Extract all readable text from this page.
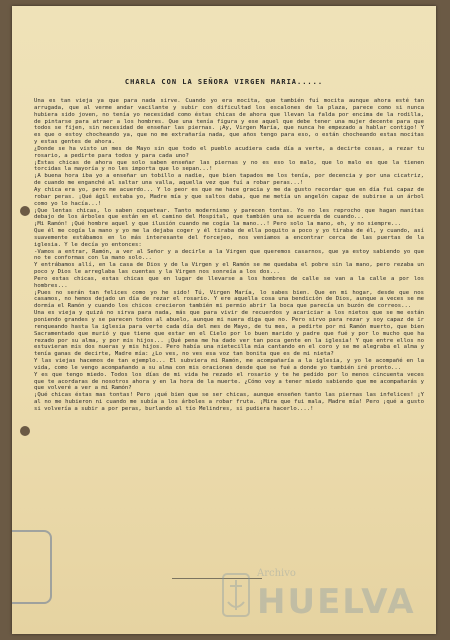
CHARLA CON LA SEÑORA VIRGEN MARIA.....

Una es tan vieja ya que para nada sirve. Cuando yo era mocita, que también fuí mocita aunque ahora esté tan arrugada, que al verme andar vacilante y subir con dificultad los escalones de la plaza, parece como si nunca hubiera sido joven, no tenía yo necesidad como éstas chicas de ahora que llevan la falda por encima de la rodilla, de pintarse para atraer a los hombres. Que una tenía figura y ese aquel que debe tener una mujer decente para que todos se fijen, sin necesidad de enseñar las piernas. ¡Ay, Virgen María, que nunca he empezado a hablar contigo! Y es que o estoy chocheando ya, que no me extrañaría nada, que años tengo para eso, o están chocheando estas mocitas y estas gentes de ahora.

¿Donde se ha visto un mes de Mayo sin que todo el pueblo acudiera cada día a verte, a decirte cosas, a rezar tu rosario, a pedirte para todos y para cada uno?

¡Estas chicas de ahora que solo saben enseñar las piernas y no es eso lo malo, que lo malo es que la tienen torcidas la mayoría y no les importa que lo sepan...!

¡A buena hora iba yo a enseñar un tobillo a nadie, que bien tapados me los tenía, por decencia y por una cicatriz, de cuando me enganché al saltar una valla, aquella vez que fuí a robar peras...!

Ay chica era yo, pero me acuerdo... Y lo peor es que me hace gracia y me da gusto recordar que en día fui capaz de robar peras. ¡Qué ágil estaba yo, Madre mía y que saltos daba, que me metía un angelón capaz de subirse a un árbol como yo lo hacía...!

¡Que lentas chicas, lo saben coquetear. Tanto modernismo y parecen tontas. Yo no les reprocho que hagan manitas debajo de los árboles que están en el camino del Hospital, que también una se acuerda de cuando...

¡Mi Ramón! ¡Qué hombre aquel y que ilusión cuando me cogía la mano...! Pero solo la mano, eh, y no siempre...

Que él me cogía la mano y yo me la dejaba coger y él tiraba de ella poquito a poco y yo tiraba de él, y cuando, así suavemente estábamos en lo más interesante del forcejeo, nos veníamos a encontrar cerca de las puertas de la iglesia. Y le decía yo entonces:

-Vamos a entrar, Ramón, a ver al Señor y a decirle a la Virgen que queremos casarnos, que ya estoy sabiendo yo que no te conformas con la mano solo...

Y entrábamos allí, en la casa de Dios y de la Virgen y el Ramón se me quedaba el pobre sin la mano, pero rezaba un poco y Dios le arreglaba las cuentas y la Virgen nos sonreía a los dos...

Pero estas chicas, estas chicas que en lugar de llevarse a los hombres de calle se van a la calle a por los hombres...

¡Pues no serán tan felices como yo he sido! Tú, Virgen María, lo sabes bien. Que en mi hogar, desde que nos casamos, no hemos dejado un día de rezar el rosario. Y ere aquella cosa una bendición de Dios, aunque a veces se me dormía el Ramón y cuando los chicos crecieron también mi permio abrir la boca que parecía un buzón de correos...

Una es vieja y quizá no sirva para nada, más que para vivir de recuerdos y acariciar a los nietos que se me están poniendo grandes y se parecen todos al abuelo, aunque mi nuera diga que no. Pero sirvo para rezar y soy capaz de ir renqueando hasta la iglesia para verte cada día del mes de Mayo, de tu mes, a pedirte por mi Ramón muerto, que bien Sacramentado que murió y que tiene que estar en el Cielo por lo buen marido y padre que fué y por lo mucho que ha rezado por su alma, y por mis hijos... ¡Qué pena me ha dado ver tan poca gente en la iglesia! Y que entre ellos no estuvieran mis dos nueras y mis hijos. Pero había una nietecilla mía cantando en el coro y se me alegraba el alma y tenía ganas de decirte, Madre mía: ¿Lo ves, no ves esa voz tan bonita que es de mi nieta?

Y las viejas hacemos de tan ejemplo... El subviera mi Ramón, me acompañaría a la iglesia, y yo le acompañé en la vida, como le vengo acompañando a su alma con mis oraciones desde que se fué a donde yo también iré pronto...

Y es que tengo miedo. Todos los días de mi vida he rezado el rosario y te he pedido por lo menos cincuenta veces que te acordaras de nosotros ahora y en la hora de la muerte. ¿Cómo voy a tener miedo sabiendo que me acompañarás y que volveré a ver a mi Ramón?

¡Qué chicas éstas mas tontas! Pero ¡qué bien que se ser chicas, aunque enseñen tanto las piernas las infelices! ¡Y al no me hubieron ni cuando me subía a los árboles a robar fruta. ¡Mira que fui mala, Madre mía! Pero ¡qué a gusto si volvería a subir a por peras, burlando al tío Melindres, si pudiera hacerlo....!

Archivo
HUELVA
